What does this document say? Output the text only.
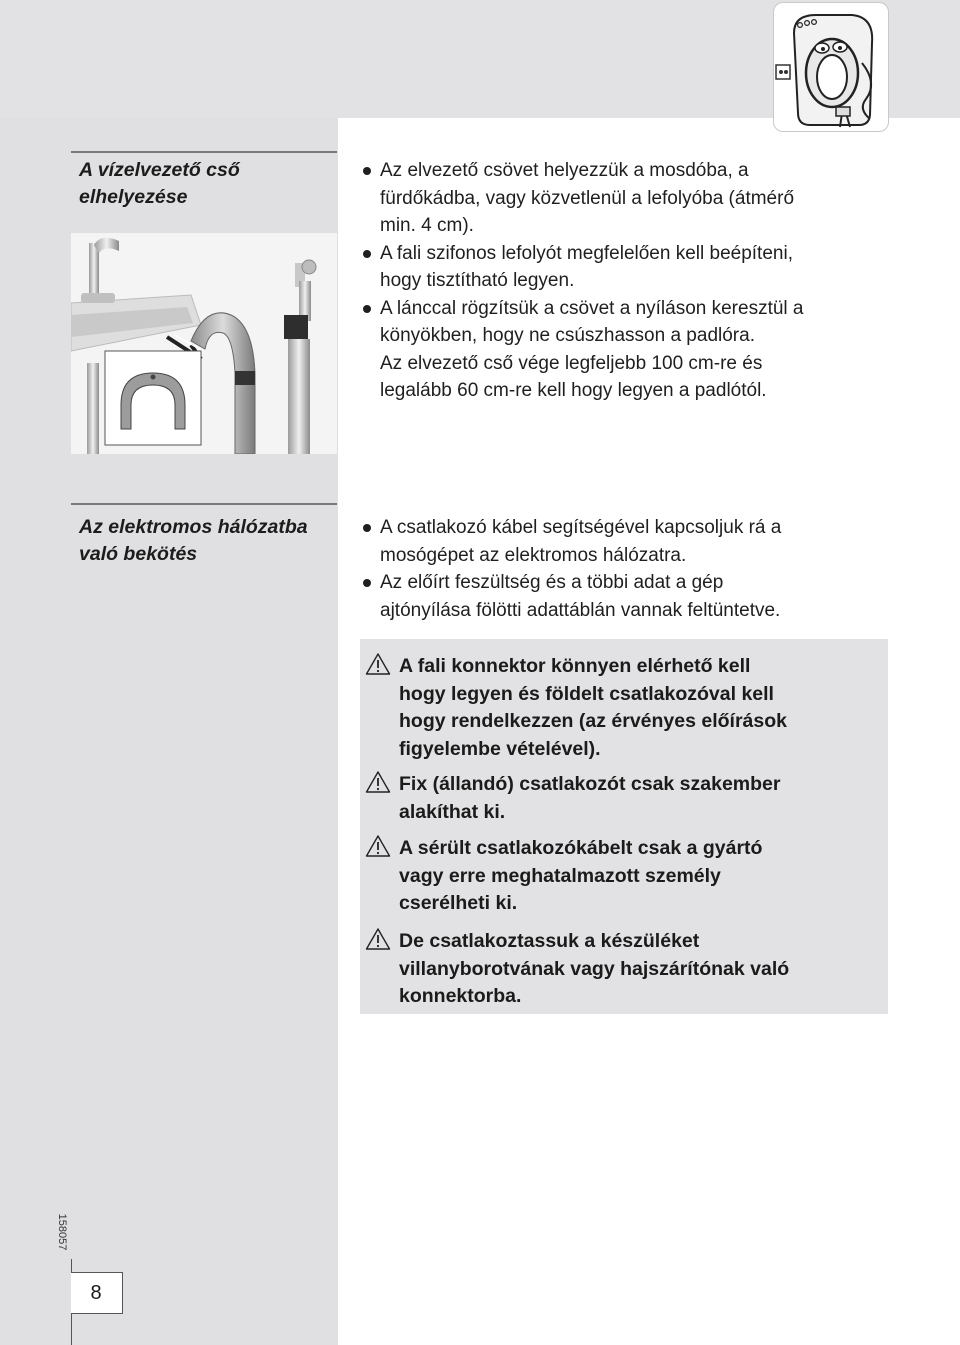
A vízelvezető cső elhelyezése
Az elvezető csövet helyezzük a mosdóba, a
fürdőkádba, vagy közvetlenül a lefolyóba (átmérő
min. 4 cm).
A fali szifonos lefolyót megfelelően kell beépíteni,
hogy tisztítható legyen.
A lánccal rögzítsük a csövet a nyíláson keresztül a
könyökben, hogy ne csúszhasson a padlóra.

Az elvezető cső vége legfeljebb 100 cm-re és

legalább 60 cm-re kell hogy legyen a padlótól.

Az elektromos hálózatba való bekötés
A csatlakozó kábel segítségével kapcsoljuk rá a
mosógépet az elektromos hálózatra.
Az előírt feszültség és a többi adat a gép
ajtónyílása fölötti adattáblán vannak feltüntetve.
A fali konnektor könnyen elérhető kell
hogy legyen és földelt csatlakozóval kell
hogy rendelkezzen (az érvényes előírások
figyelembe vételével).
Fix (állandó) csatlakozót csak szakember
alakíthat ki.
A sérült csatlakozókábelt csak a gyártó
vagy erre meghatalmazott személy
cserélheti ki.
De csatlakoztassuk a készüléket
villanyborotvának vagy hajszárítónak való
konnektorba.
158057
8
